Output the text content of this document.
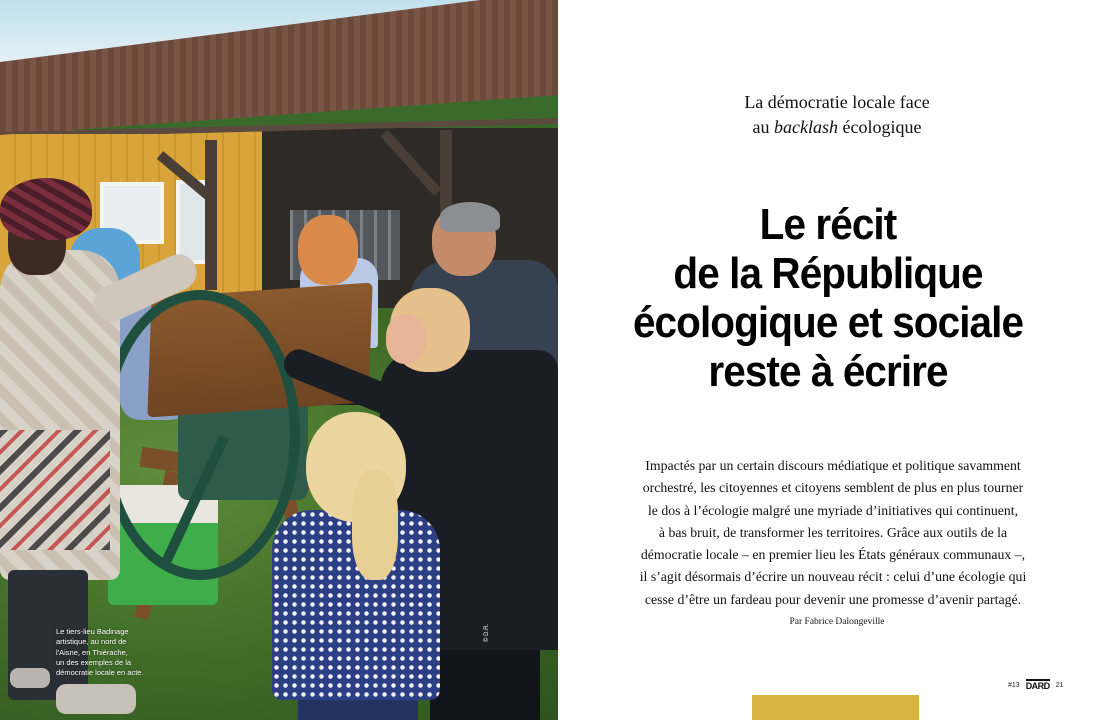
Le tiers-lieu Badinage
artistique, au nord de
l'Aisne, en Thiérache,
un des exemples de la
démocratie locale en acte.
© D.R.
La démocratie locale face
au backlash écologique
Le récit
de la République
écologique et sociale
reste à écrire

Impactés par un certain discours médiatique et politique savamment
orchestré, les citoyennes et citoyens semblent de plus en plus tourner
le dos à l’écologie malgré une myriade d’initiatives qui continuent,
à bas bruit, de transformer les territoires. Grâce aux outils de la
démocratie locale – en premier lieu les États généraux communaux –,
il s’agit désormais d’écrire un nouveau récit : celui d’une écologie qui
cesse d’être un fardeau pour devenir une promesse d’avenir partagé.

Par Fabrice Dalongeville
#13 DARD 21
